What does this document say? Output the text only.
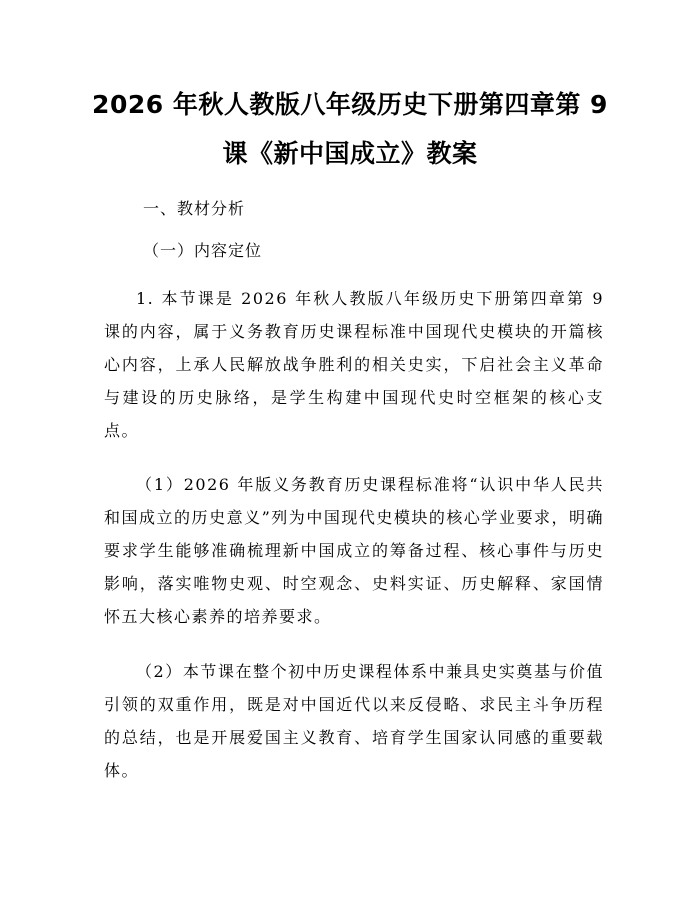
2026 年秋人教版八年级历史下册第四章第 9
课《新中国成立》教案
一、教材分析
（一）内容定位
1. 本节课是 2026 年秋人教版八年级历史下册第四章第 9 课的内容，属于义务教育历史课程标准中国现代史模块的开篇核心内容，上承人民解放战争胜利的相关史实，下启社会主义革命与建设的历史脉络，是学生构建中国现代史时空框架的核心支点。
（1）2026 年版义务教育历史课程标准将“认识中华人民共和国成立的历史意义”列为中国现代史模块的核心学业要求，明确要求学生能够准确梳理新中国成立的筹备过程、核心事件与历史影响，落实唯物史观、时空观念、史料实证、历史解释、家国情怀五大核心素养的培养要求。
（2）本节课在整个初中历史课程体系中兼具史实奠基与价值引领的双重作用，既是对中国近代以来反侵略、求民主斗争历程的总结，也是开展爱国主义教育、培育学生国家认同感的重要载体。
